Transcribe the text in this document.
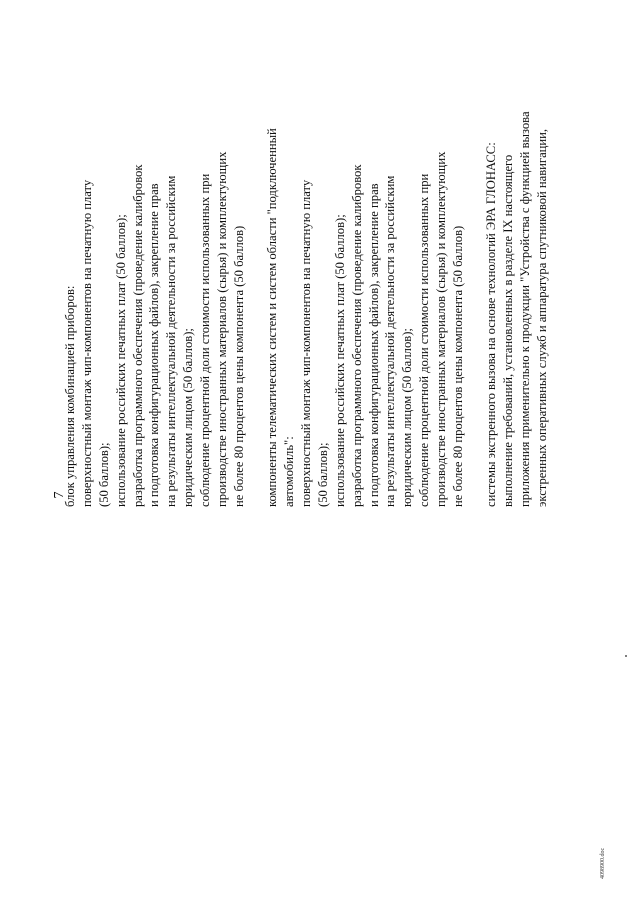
7
блок управления комбинацией приборов: поверхностный монтаж чип-компонентов на печатную плату (50 баллов); использование российских печатных плат (50 баллов); разработка программного обеспечения (проведение калибровок и подготовка конфигурационных файлов), закрепление прав на результаты интеллектуальной деятельности за российским юридическим лицом (50 баллов); соблюдение процентной доли стоимости использованных при производстве иностранных материалов (сырья) и комплектующих не более 80 процентов цены компонента (50 баллов) компоненты телематических систем и систем области "подключенный автомобиль": поверхностный монтаж чип-компонентов на печатную плату (50 баллов); использование российских печатных плат (50 баллов); разработка программного обеспечения (проведение калибровок и подготовка конфигурационных файлов), закрепление прав на результаты интеллектуальной деятельности за российским юридическим лицом (50 баллов); соблюдение процентной доли стоимости использованных при производстве иностранных материалов (сырья) и комплектующих не более 80 процентов цены компонента (50 баллов) системы экстренного вызова на основе технологий ЭРА ГЛОНАСС: выполнение требований, установленных в разделе IX настоящего приложения применительно к продукции "Устройства с функцией вызова экстренных оперативных служб и аппаратура спутниковой навигации,
4098900.doc
